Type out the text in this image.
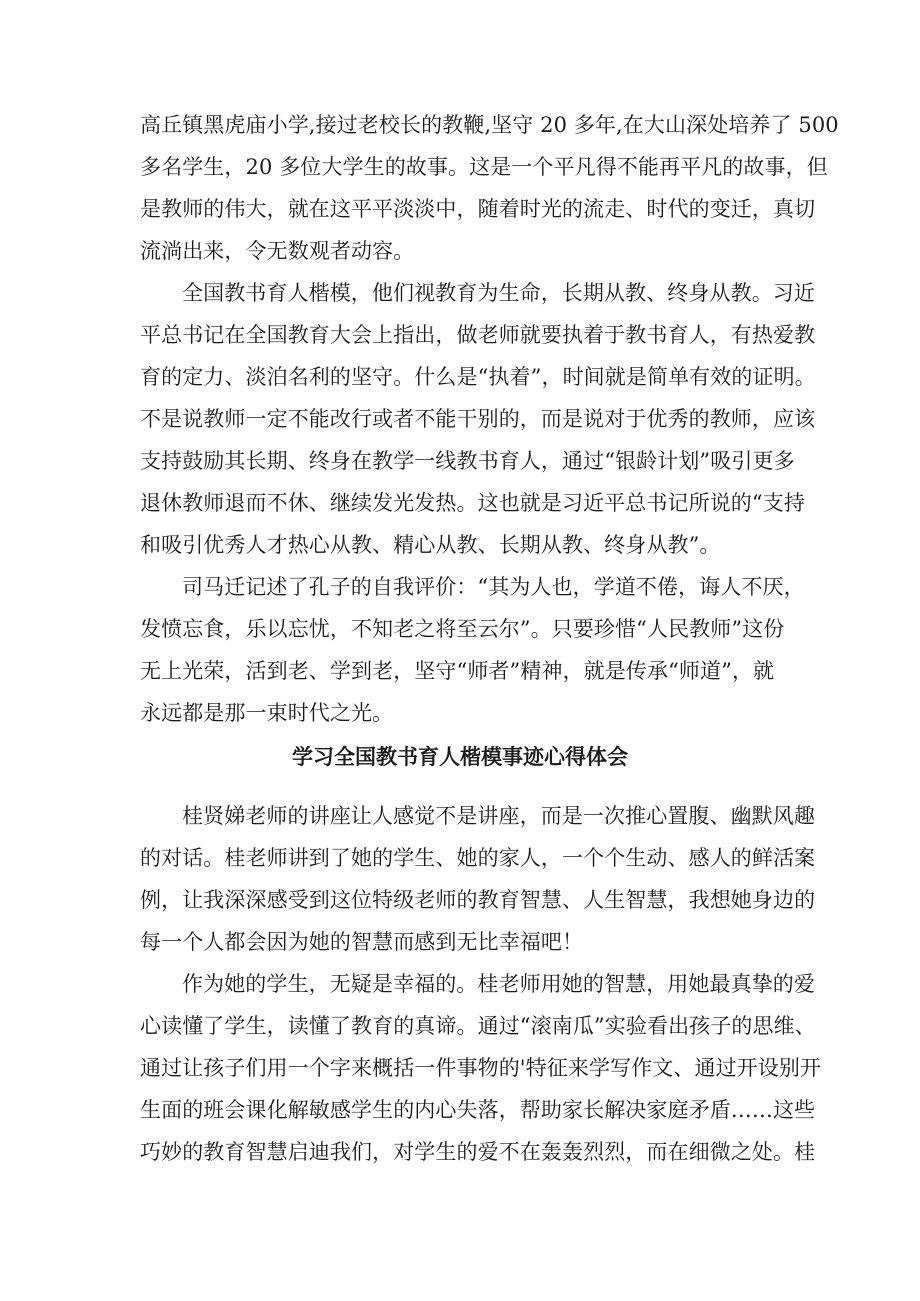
高丘镇黑虎庙小学,接过老校长的教鞭,坚守 20 多年,在大山深处培养了 500
多名学生，20 多位大学生的故事。这是一个平凡得不能再平凡的故事，但
是教师的伟大，就在这平平淡淡中，随着时光的流走、时代的变迁，真切
流淌出来，令无数观者动容。
全国教书育人楷模，他们视教育为生命，长期从教、终身从教。习近
平总书记在全国教育大会上指出，做老师就要执着于教书育人，有热爱教
育的定力、淡泊名利的坚守。什么是“执着”，时间就是简单有效的证明。
不是说教师一定不能改行或者不能干别的，而是说对于优秀的教师，应该
支持鼓励其长期、终身在教学一线教书育人，通过“银龄计划”吸引更多
退休教师退而不休、继续发光发热。这也就是习近平总书记所说的“支持
和吸引优秀人才热心从教、精心从教、长期从教、终身从教”。
司马迁记述了孔子的自我评价：“其为人也，学道不倦，诲人不厌，
发愤忘食，乐以忘忧，不知老之将至云尔”。只要珍惜“人民教师”这份
无上光荣，活到老、学到老，坚守“师者”精神，就是传承“师道”，就
永远都是那一束时代之光。
学习全国教书育人楷模事迹心得体会
桂贤娣老师的讲座让人感觉不是讲座，而是一次推心置腹、幽默风趣
的对话。桂老师讲到了她的学生、她的家人，一个个生动、感人的鲜活案
例，让我深深感受到这位特级老师的教育智慧、人生智慧，我想她身边的
每一个人都会因为她的智慧而感到无比幸福吧！
作为她的学生，无疑是幸福的。桂老师用她的智慧，用她最真挚的爱
心读懂了学生，读懂了教育的真谛。通过“滚南瓜”实验看出孩子的思维、
通过让孩子们用一个字来概括一件事物的'特征来学写作文、通过开设别开
生面的班会课化解敏感学生的内心失落，帮助家长解决家庭矛盾……这些
巧妙的教育智慧启迪我们，对学生的爱不在轰轰烈烈，而在细微之处。桂
